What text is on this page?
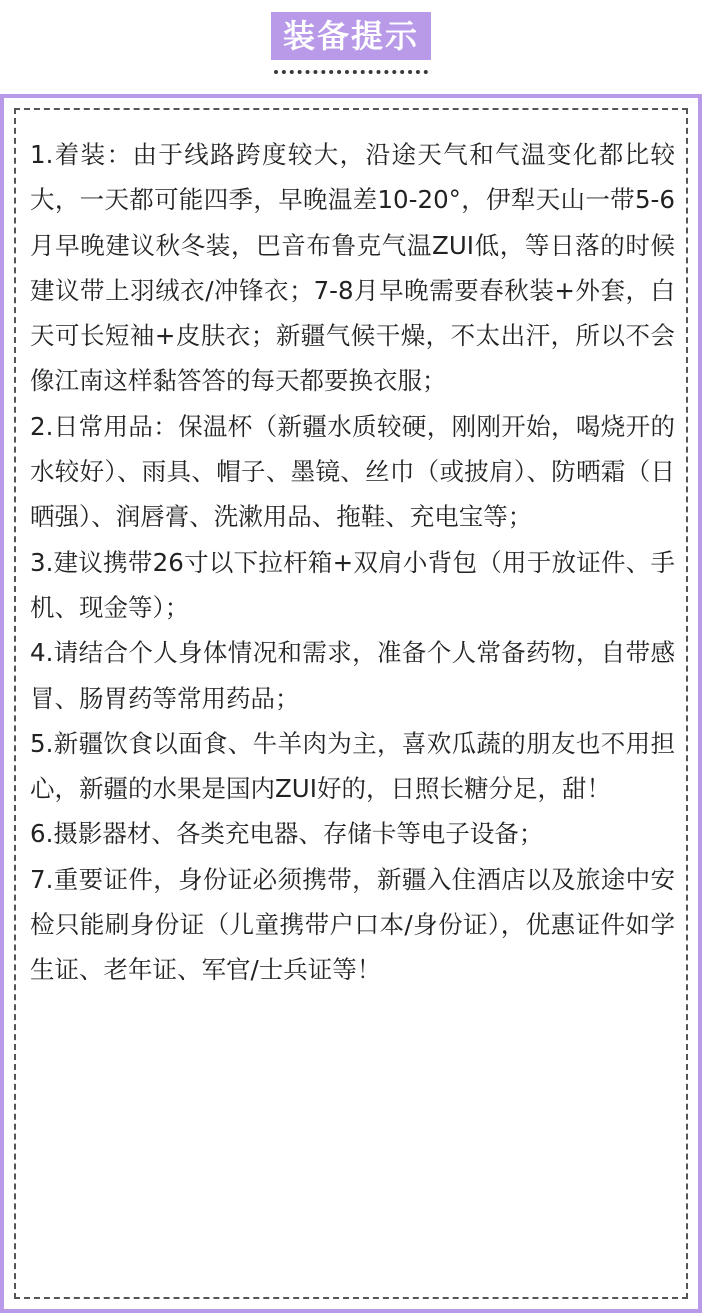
装备提示

1.着装：由于线路跨度较大，沿途天气和气温变化都比较大，一天都可能四季，早晚温差10-20°，伊犁天山一带5-6月早晚建议秋冬装，巴音布鲁克气温ZUI低，等日落的时候建议带上羽绒衣/冲锋衣；7-8月早晚需要春秋装+外套，白天可长短袖+皮肤衣；新疆气候干燥，不太出汗，所以不会像江南这样黏答答的每天都要换衣服；

2.日常用品：保温杯（新疆水质较硬，刚刚开始，喝烧开的水较好）、雨具、帽子、墨镜、丝巾（或披肩）、防晒霜（日晒强）、润唇膏、洗漱用品、拖鞋、充电宝等；

3.建议携带26寸以下拉杆箱+双肩小背包（用于放证件、手机、现金等）；

4.请结合个人身体情况和需求，准备个人常备药物，自带感冒、肠胃药等常用药品；

5.新疆饮食以面食、牛羊肉为主，喜欢瓜蔬的朋友也不用担心，新疆的水果是国内ZUI好的，日照长糖分足，甜！

6.摄影器材、各类充电器、存储卡等电子设备；

7.重要证件，身份证必须携带，新疆入住酒店以及旅途中安检只能刷身份证（儿童携带户口本/身份证），优惠证件如学生证、老年证、军官/士兵证等！
